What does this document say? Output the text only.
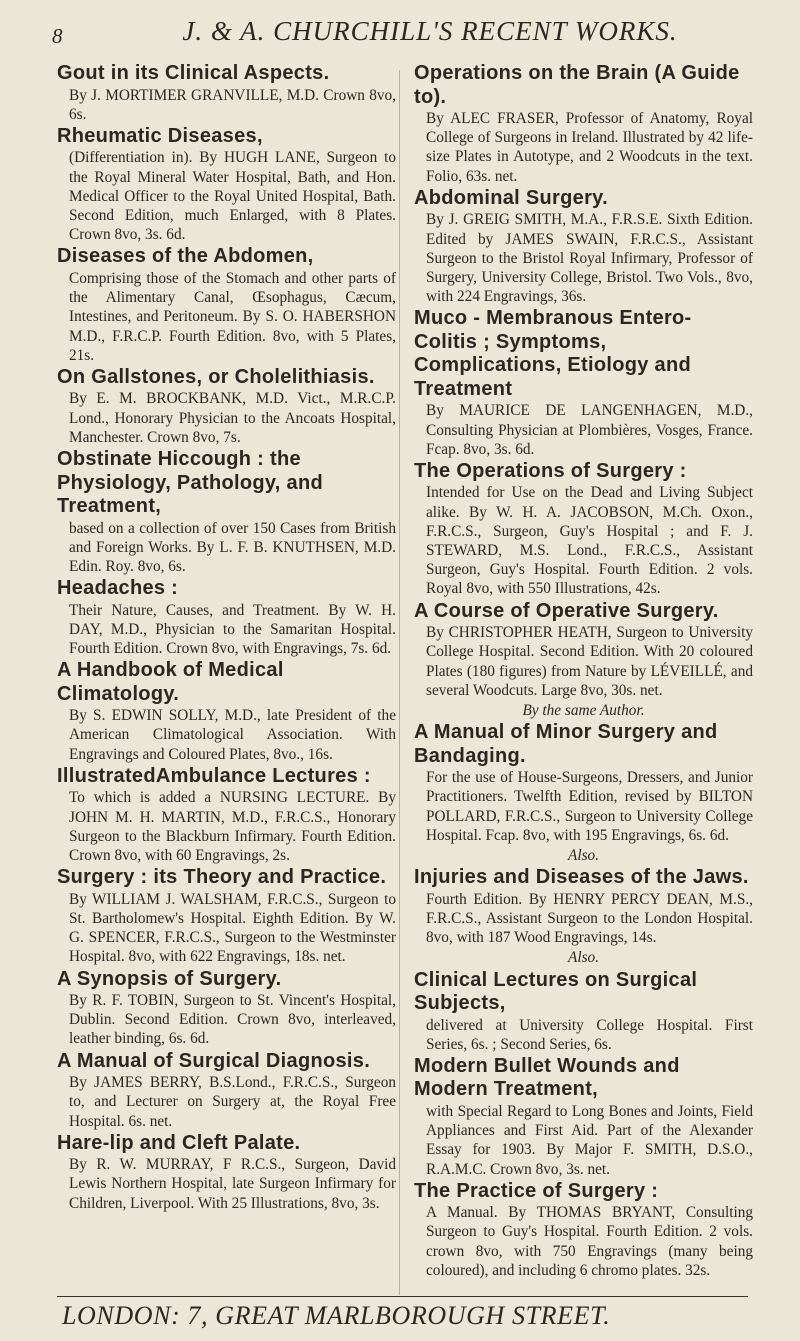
8	J. & A. CHURCHILL'S RECENT WORKS.
Gout in its Clinical Aspects.
By J. MORTIMER GRANVILLE, M.D. Crown 8vo, 6s.
Rheumatic Diseases,
(Differentiation in). By HUGH LANE, Surgeon to the Royal Mineral Water Hospital, Bath, and Hon. Medical Officer to the Royal United Hospital, Bath. Second Edition, much Enlarged, with 8 Plates. Crown 8vo, 3s. 6d.
Diseases of the Abdomen,
Comprising those of the Stomach and other parts of the Alimentary Canal, Œsophagus, Cæcum, Intestines, and Peritoneum. By S. O. HABERSHON M.D., F.R.C.P. Fourth Edition. 8vo, with 5 Plates, 21s.
On Gallstones, or Cholelithiasis.
By E. M. BROCKBANK, M.D. Vict., M.R.C.P. Lond., Honorary Physician to the Ancoats Hospital, Manchester. Crown 8vo, 7s.
Obstinate Hiccough : the Physiology, Pathology, and Treatment,
based on a collection of over 150 Cases from British and Foreign Works. By L. F. B. KNUTHSEN, M.D. Edin. Roy. 8vo, 6s.
Headaches :
Their Nature, Causes, and Treatment. By W. H. DAY, M.D., Physician to the Samaritan Hospital. Fourth Edition. Crown 8vo, with Engravings, 7s. 6d.
A Handbook of Medical Climatology.
By S. EDWIN SOLLY, M.D., late President of the American Climatological Association. With Engravings and Coloured Plates, 8vo., 16s.
IllustratedAmbulance Lectures :
To which is added a NURSING LECTURE. By JOHN M. H. MARTIN, M.D., F.R.C.S., Honorary Surgeon to the Blackburn Infirmary. Fourth Edition. Crown 8vo, with 60 Engravings, 2s.
Surgery : its Theory and Practice.
By WILLIAM J. WALSHAM, F.R.C.S., Surgeon to St. Bartholomew's Hospital. Eighth Edition. By W. G. SPENCER, F.R.C.S., Surgeon to the Westminster Hospital. 8vo, with 622 Engravings, 18s. net.
A Synopsis of Surgery.
By R. F. TOBIN, Surgeon to St. Vincent's Hospital, Dublin. Second Edition. Crown 8vo, interleaved, leather binding, 6s. 6d.
A Manual of Surgical Diagnosis.
By JAMES BERRY, B.S.Lond., F.R.C.S., Surgeon to, and Lecturer on Surgery at, the Royal Free Hospital. 6s. net.
Hare-lip and Cleft Palate.
By R. W. MURRAY, F R.C.S., Surgeon, David Lewis Northern Hospital, late Surgeon Infirmary for Children, Liverpool. With 25 Illustrations, 8vo, 3s.
Operations on the Brain (A Guide to).
By ALEC FRASER, Professor of Anatomy, Royal College of Surgeons in Ireland. Illustrated by 42 life-size Plates in Autotype, and 2 Woodcuts in the text. Folio, 63s. net.
Abdominal Surgery.
By J. GREIG SMITH, M.A., F.R.S.E. Sixth Edition. Edited by JAMES SWAIN, F.R.C.S., Assistant Surgeon to the Bristol Royal Infirmary, Professor of Surgery, University College, Bristol. Two Vols., 8vo, with 224 Engravings, 36s.
Muco - Membranous Entero-Colitis ; Symptoms, Complications, Etiology and Treatment
By MAURICE DE LANGENHAGEN, M.D., Consulting Physician at Plombières, Vosges, France. Fcap. 8vo, 3s. 6d.
The Operations of Surgery :
Intended for Use on the Dead and Living Subject alike. By W. H. A. JACOBSON, M.Ch. Oxon., F.R.C.S., Surgeon, Guy's Hospital ; and F. J. STEWARD, M.S. Lond., F.R.C.S., Assistant Surgeon, Guy's Hospital. Fourth Edition. 2 vols. Royal 8vo, with 550 Illustrations, 42s.
A Course of Operative Surgery.
By CHRISTOPHER HEATH, Surgeon to University College Hospital. Second Edition. With 20 coloured Plates (180 figures) from Nature by LÉVEILLÉ, and several Woodcuts. Large 8vo, 30s. net.
By the same Author.
A Manual of Minor Surgery and Bandaging.
For the use of House-Surgeons, Dressers, and Junior Practitioners. Twelfth Edition, revised by BILTON POLLARD, F.R.C.S., Surgeon to University College Hospital. Fcap. 8vo, with 195 Engravings, 6s. 6d.
Also.
Injuries and Diseases of the Jaws.
Fourth Edition. By HENRY PERCY DEAN, M.S., F.R.C.S., Assistant Surgeon to the London Hospital. 8vo, with 187 Wood Engravings, 14s.
Also.
Clinical Lectures on Surgical Subjects,
delivered at University College Hospital. First Series, 6s. ; Second Series, 6s.
Modern Bullet Wounds and Modern Treatment,
with Special Regard to Long Bones and Joints, Field Appliances and First Aid. Part of the Alexander Essay for 1903. By Major F. SMITH, D.S.O., R.A.M.C. Crown 8vo, 3s. net.
The Practice of Surgery :
A Manual. By THOMAS BRYANT, Consulting Surgeon to Guy's Hospital. Fourth Edition. 2 vols. crown 8vo, with 750 Engravings (many being coloured), and including 6 chromo plates. 32s.
LONDON: 7, GREAT MARLBOROUGH STREET.
